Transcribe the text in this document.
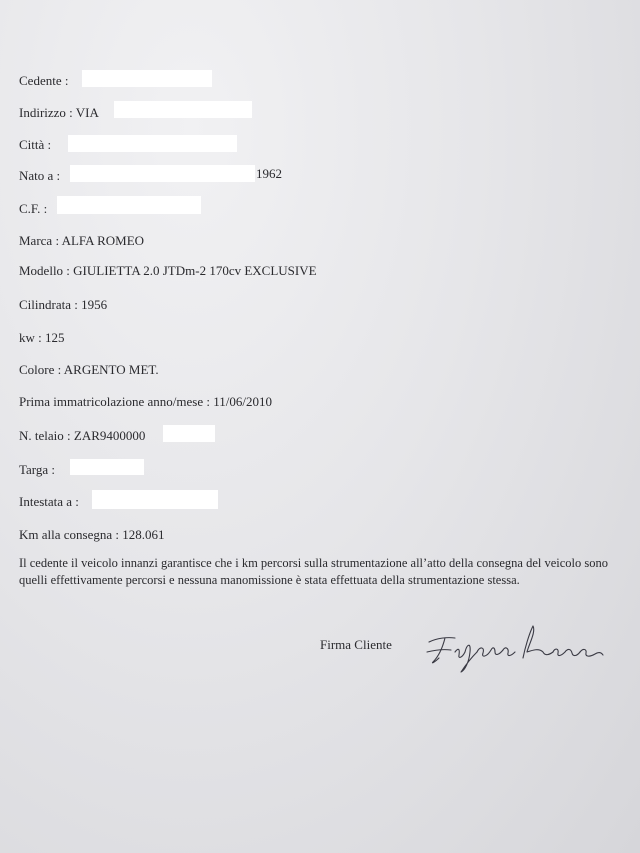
Cedente :
Indirizzo : VIA
Città :
Nato a :	1962
C.F. :
Marca : ALFA ROMEO
Modello : GIULIETTA 2.0 JTDm-2 170cv EXCLUSIVE
Cilindrata : 1956
kw : 125
Colore : ARGENTO MET.
Prima immatricolazione anno/mese : 11/06/2010
N. telaio : ZAR9400000
Targa :
Intestata a :
Km alla consegna : 128.061
Il cedente il veicolo innanzi garantisce che i km percorsi sulla strumentazione all’atto della consegna del veicolo sono quelli effettivamente percorsi e nessuna manomissione è stata effettuata della strumentazione stessa.
Firma Cliente
